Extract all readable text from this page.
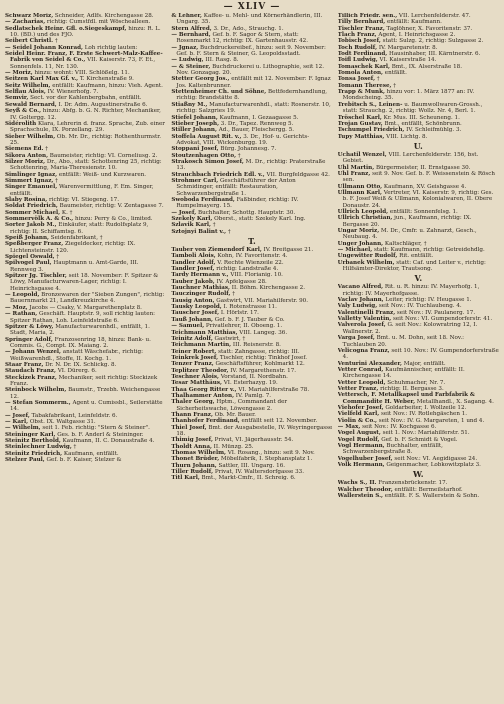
— XLIV —
Schwarz Moriz, Schneider, Adlfs. Kirchengasse 28.
— Zacharias, richtig: Cumstfdl. mit Wöschealleen.
Sedlatschek Heinr. Gfl. o.Siegeskampf, hinzu: R. L. 10. (BD.) und des FJO.
Seibert Christl. †
— Seidel Johann Konrad, Loh richtig lauten:
Seidel Heinr. Franz, F. Erste Schwert-Malz-Kaffee-Fabrik von Seidel & Co., VII. Kaiserstr. 73, F. Et., Sonnenfels. 11, Nr. 130.
— Moriz, hinzu: wohnt: VIII. Schlößelg. 11.
Seitzen Karl Max Gf. v., T. Kirchenstraße 9.
Seitz Wilhelm, entfällt: Kaufmann, hinzu: Vieh. Agent.
Selflau Alois, IV. Wienerhofg. 7.
Semvir, Sect. vor der Kahlenbergbahn, entfällt.
Sewald Bernard, I. Dr. Adm. Augustinerstraße 6.
Seyß & Co., hinzu: Abfg. b. G. N. Richter, Mechaniker, IV. Goltergg. 12.
Sidérolith Klara, Lehrerin d. franz. Sprache, Zub. einer Sprachschule, IX. Porzellang. 29.
Sieber Wilhelm, Ob. Mr. Dr., richtig: Rothenthurmstr. 25.
Siemens Ed. †
Sikora Anton, Baumeister, richtig: VI. Corneliusg. 2.
Silzer Moriz, Dr., Abo., statt: Schottenring 25, richtig: Schottenring, Maria-Theresienstr. 10.
Simlinger Ignaz, entfällt: Weiß- und Kurzwaren.
Simmert Ignaz, †
Singer Emanuel, Warenvermittlung, F. Em. Singer, entfällt.
Slaby Rosina, richtig: VI. Stiegeng. 17.
Soldat Friedrich, Baumeister, richtig: V. Zentagasse 7.
Sommer Michael, K. †
Sommervölk A. & Co., hinzu: Perry & Co., limited.
Sorter Jakob M., Einkäufer, statt: Rudolfsplatz 9, richtig: II. Schiffamtsg. 6.
Speiß Johann, Seidenfabrikant, †
Speßberger Franz, Ziegeldecker, richtig: IX. Lichtensteinstr. 120.
Spiegel Oswald, †
Spilvogel Paul, Hauptmann u. Amt-Garde, III. Rennweg 3.
Spitzer Jg. Tischler, seit 18. November: F. Spitzer & Löwy, Manufacturwaren-Lager, richtig: I. Heinrichsgasse 4.
— Leopold, Bronzewaren der "Sieben Zungen", richtig: Bauernmarkt 21, Landkreuzkirche 4.
— Moz, Jacobs — Csaky, V. Margarethenplatz 8.
— Rathan, Geschäft. Hauptstr. 9, soll richtig lauten: Spitzer Rathan, Loh. Leinfeldstraße 6.
Spitzer & Löwy, Manufacturwarenhdl., entfällt, 1. Stadt, Maria, 2.
Springer Adolf, Franzosenring 18, hinzu: Bank- u. Commis. G., Compt. IX. Maiang. 2.
— Johann Wenzel, anstatt Wäschefabr., richtig: Weißwarenhdl., Stoffe, II. Kochg. 1.
Staar Franz, Dr. N. Dr. IX. Schlickg. 8.
Staudach Franz, VI. Dürerg. 6.
Steckizek Franz, Mechaniker, seit richtig: Steckizek Franz.
Steinbock Wilhelm, Baumstr., Trzebh. Weichengasse 12.
— Stefan Sommerm., Agent u. Cumissbl., Seilerstätte 14.
— Josef, Tabakfabrikant, Leinfeldstr. 6.
— Karl, Obst. IX. Waltgasse 31.
— Wilhelm, seit 1. Feb. richtig: "Stern & Steiner".
Steininger Karl, Ges. b. F. Anderl & Steininger.
Steinitz Berthold, Kaufmann, II. C. Donaustraße 4.
Steinlechner Ludwig, †
Steinitz Friedrich, Kaufmann, entfällt.
Stelzer Paul, Gef. b. F. Kaiser, Stelzer &
& Lehner, Kaffee- u. Mehl- und Körnerhändlerin, III. Ungarg. 35.
Stern Alfred, 3. Dr., Ado., Strauchg. 1.
— Bernhard, Gef. b. F. Sagor & Stern, statt: Rosenmarkt 12, richtig: IX. Gartenhausstr. 42.
— Jgnaz, Buchdruckereibef., hinzu: seit 9. November: Gef. b. F. Stern & Steiner, G. Leopoldsstadt.
— Ludwig, III. Rasg. 8.
— & Steiner, Buchdruckerei u. Lithographie, seit 12. Nov. Gonzagag. 20.
Stetter Georg Jos., entfällt mit 12. November: F. Ignaz Jos. Kaltenbrunner.
Stettenheimer Ch. und Söhne, Bettfedernhandlung, richtig: Brandstätte 8.
Stiaßny M., Manufacturwarenhdl., statt: Rosnerstr. 10, richtig: Salzgries 19.
Stiefel Johann, Kaufmann, I. Gezaagasse 5.
Stieber Joseph, 3. Dr., Tapez. Rennweg 5.
Stiller Johann, Ad., Bauer, Fleischergg. 5.
Stoffela August Rit. v., 3. Dr., Hof- u. Gerichts-Advokat, VIII. Wickenburgg. 19.
Stoppani Josef, Bürg. Johannesg. 7.
Stoutzenhagen Otto, †
Strakosch Simon Josef, M. Dr., richtig: Praterstraße 13.
Strauchbach Friedrich Edl. v., VII. Burgfeldgasse 42.
Strohmer Carl, Geschäftsführer der Anton Schmidinger, entfällt: Restauration, Schwarzenbergstraße 1.
Swoboda Ferdinand, Faßbinder, richtig: IV. Rumpelmayerg. 15.
— Josef, Buchhalter, Schottg. Hauptstr. 30.
Szekely Karl, Oberst., statt: Szekely Karl. Ing.
Szlavik Karl, †
Sztojnyi Balint v., †
T.
Tauber von Ziemendorf Karl, IV. Breitgasse 21.
Tamboli Alois, Kohn, IV. Favoritenstr. 4.
Tandler Adolf, V. Rechte Wienzeile 22.
Tandler Josef, richtig: Landstraße 4.
Tardy Hermann v., VIII. Florianig. 10.
Tauber Jakob, IV. Apfelgasse 28.
Tauchner Mathias, II. Böhm. Kirchengasse 2.
Tauczinger Rudolf, †
Tausig Anton, Gastwirt, VII. Mariahilferstr. 90.
Tausky Leopold, I. Rotenstrasse 11.
Tauscher Josef, I. Hörlstr. 17.
Tauß Johann, Gef. b. F. J. Tauber & Co.
— Samuel, Privatlehrer, II. Oboeng. 1.
Teichmann Matthias, VIII. Langeg. 36.
Teinitz Adolf, Gastwirt, †
Teichmann Martin, III. Reisnerstr. 8.
Teiner Robert, statt: Zahngasse, richtig: III.
Teinkrek Josef, Tischler, richtig: Tinkhof Josef.
Tenzer Franz, Geschäftsführer, Kohlmarkt 12.
Teplitzer Theodor, IV. Margarethenstr. 17.
Teschner Alois, Vorstand, II. Nordbahn.
Tesar Matthäus, VI. Esterhazyg. 19.
Thaa Georg Ritter v., VI. Mariahilferstraße 78.
Thalhammer Anton, IV. Pamlg. 7.
Thaler Georg, Hptm., Commandant der Sicherheitswache, Löwengasse 2.
Thann Franz, Ob. Mr. Bauer.
Thanhofer Ferdinand, entfällt seit 12. November.
Thiel Josef, Bmt. der Ausgabestelle, IV. Weyringergasse 18.
Thimig Josef, Privat, VI. Jägerhausstr. 54.
Tholdt Anna, II. Münzg. 25.
Thomas Wilhelm, VI. Rosang., hinzu: seit 9. Nov.
Thonet Brüder, Möbelfabrik, I. Stephansplatz 1.
Thurn Johann, Sattler, III. Ungarg. 16.
Tiller Rudolf, Privat, IV. Waltersdorfgasse 33.
Titl Karl, Bmt., Markt-Cmfr., II. Schreig. 6.
Tillich Friedr. sen., VII. Lerchenfelderstr. 47.
Tilly Bernhard, entfällt: Kaufmann.
Tischler Franz, Taglöhner, X. Favoritenstr. 37.
Tlach Franz, Agent, I. Heinrichsgasse 2.
Tobisch Josef, statt: Sulzg. 2, richtig: Sulzgasse 2.
Toch Rudolf, IV. Margaretenstr. 8.
Todt Ferdinand, Hausinhaber, III. Kärntnerstr. 6.
Toifl Ludwig, VI. Kaiserstraße 14.
Tomaschek Karl, Bmt., IX. Alserstraße 18.
Tomola Anton, entfällt.
Tonsa Josef, †
Tomann Therese, †
Trapp & Munk, hinzu vor: 1. März 1877 an: IV. Mondscheing. 35.
Trebitsch S., Leinen- u. Baumwollwaren-Grossh., statt: Strauchg. 2, richtig: Wollz. Nr. 4, Berl. 1.
Tröschel Karl, Kr. Mus. III. Scheuneng. 1.
Trojan Gustav, Bmt., entfällt, Schönbrunn.
Tschumpel Friedrich, IV. Schleifmühlg. 3.
Tupy Matthias, VIII. Lichtg. 8.
U.
Uchatil Wenzel, VIII. Lerchenfelderstr. 156, bst. Gebiet.
Uhl Martin, Bürgermeister, II. Ernstgasse 30.
Uhl Franz, seit 9. Nov. Gef. b. F. Weissenstein & Rösch sen.
Ullmann Otto, Kaufmann, XV. Geishgasse 4.
Ullmann Karl, Vertreter, VI. Kaiserstr. 9, richtig: Ges. b. F. Josef Weiß & Ullmann, Kolonialwaren, II. Obere Donaustr. 24.
Ullrich Leopold, entfällt: Sonnenfelsg. 1.
Ullrich Christian, jun., Kaufmann, richtig: IX. Bergasse 20.
Ungar Moriz, M. Dr., Cmfr. u. Zahnarzt, Gesch., Neubaug. 4.
Unger Johann, Kaltschläger, †
— Michael, statt: Kaufmann, richtig: Getreidehdlg.
Ungewitter Rudolf, Rit. entfällt.
Urbanek Wilhelm, statt: Caf. und Leiter v., richtig: Hilfsämter-Direktor, Trautsong.
V.
Vacano Alfred, Rit. u. R. hinzu: IV. Mayerhofg. 1, richtig: IV. Mayerhofgasse.
Vaclav Johann, Leiter, richtig: IV. Heugasse 1.
Valy Ludwig, seit Nov.: IV. Tuchlaubeng. 4.
Valentinelli Franz, seit Nov.: IV. Paulanerg. 17.
Valletty Valentin, seit Nov.: VI. Gumpendorferstr. 41.
Valverola Josef, G. seit Nov.: Kolowratring 12, I. Wallnerstr. 2.
Varga Josef, Bmt. u. M. Dohn, seit 18. Nov.: Tuchlauben 20.
Velicogna Franz, seit 10. Nov.: IV. Gumpendorferstraße 4.
Venturini Alexander, Major, entfällt.
Vetter Conrad, Kaufmännischer, entfällt: II. Kirchengasse 14.
Vetter Leopold, Schuhmacher, Nr. 7.
Vetter Franz, richtig: II. Bergasse 3.
Vettersch, F. Metallkapsel und Farbfabrik & Commandite H. Weber, Metallhandl., X. Sagang. 4.
Viehofer Josef, Goldarbeiter, I. Wollzeile 12.
Vielfeld Karl, seit Nov.: IV. Rotlehgäschen 1.
Violin & Co., seit Nov.: IV. G. Margareten, 1 und 4.
— Max, seit Nov.: IV. Kochgasse 6.
Vogel August, seit 1. Nov.: Mariahilferstr. 51.
Vogel Rudolf, Gef. b. F. Schmidt & Vogel.
Vogl Hermann, Buchhalter, entfällt, Schwarzenbergstraße 8.
Vogelhuber Josef, seit Nov.: VI. Aegidigasse 24.
Volk Hermann, Geigenmacher, Lobkowitzplatz 3.
W.
Wachs S., II. Franzensbrückenstr. 17.
Walcher Theodor, entfällt: Bermeilstarhof.
Wallerstein S., entfällt. F. S. Wallerstein & Sohn.
